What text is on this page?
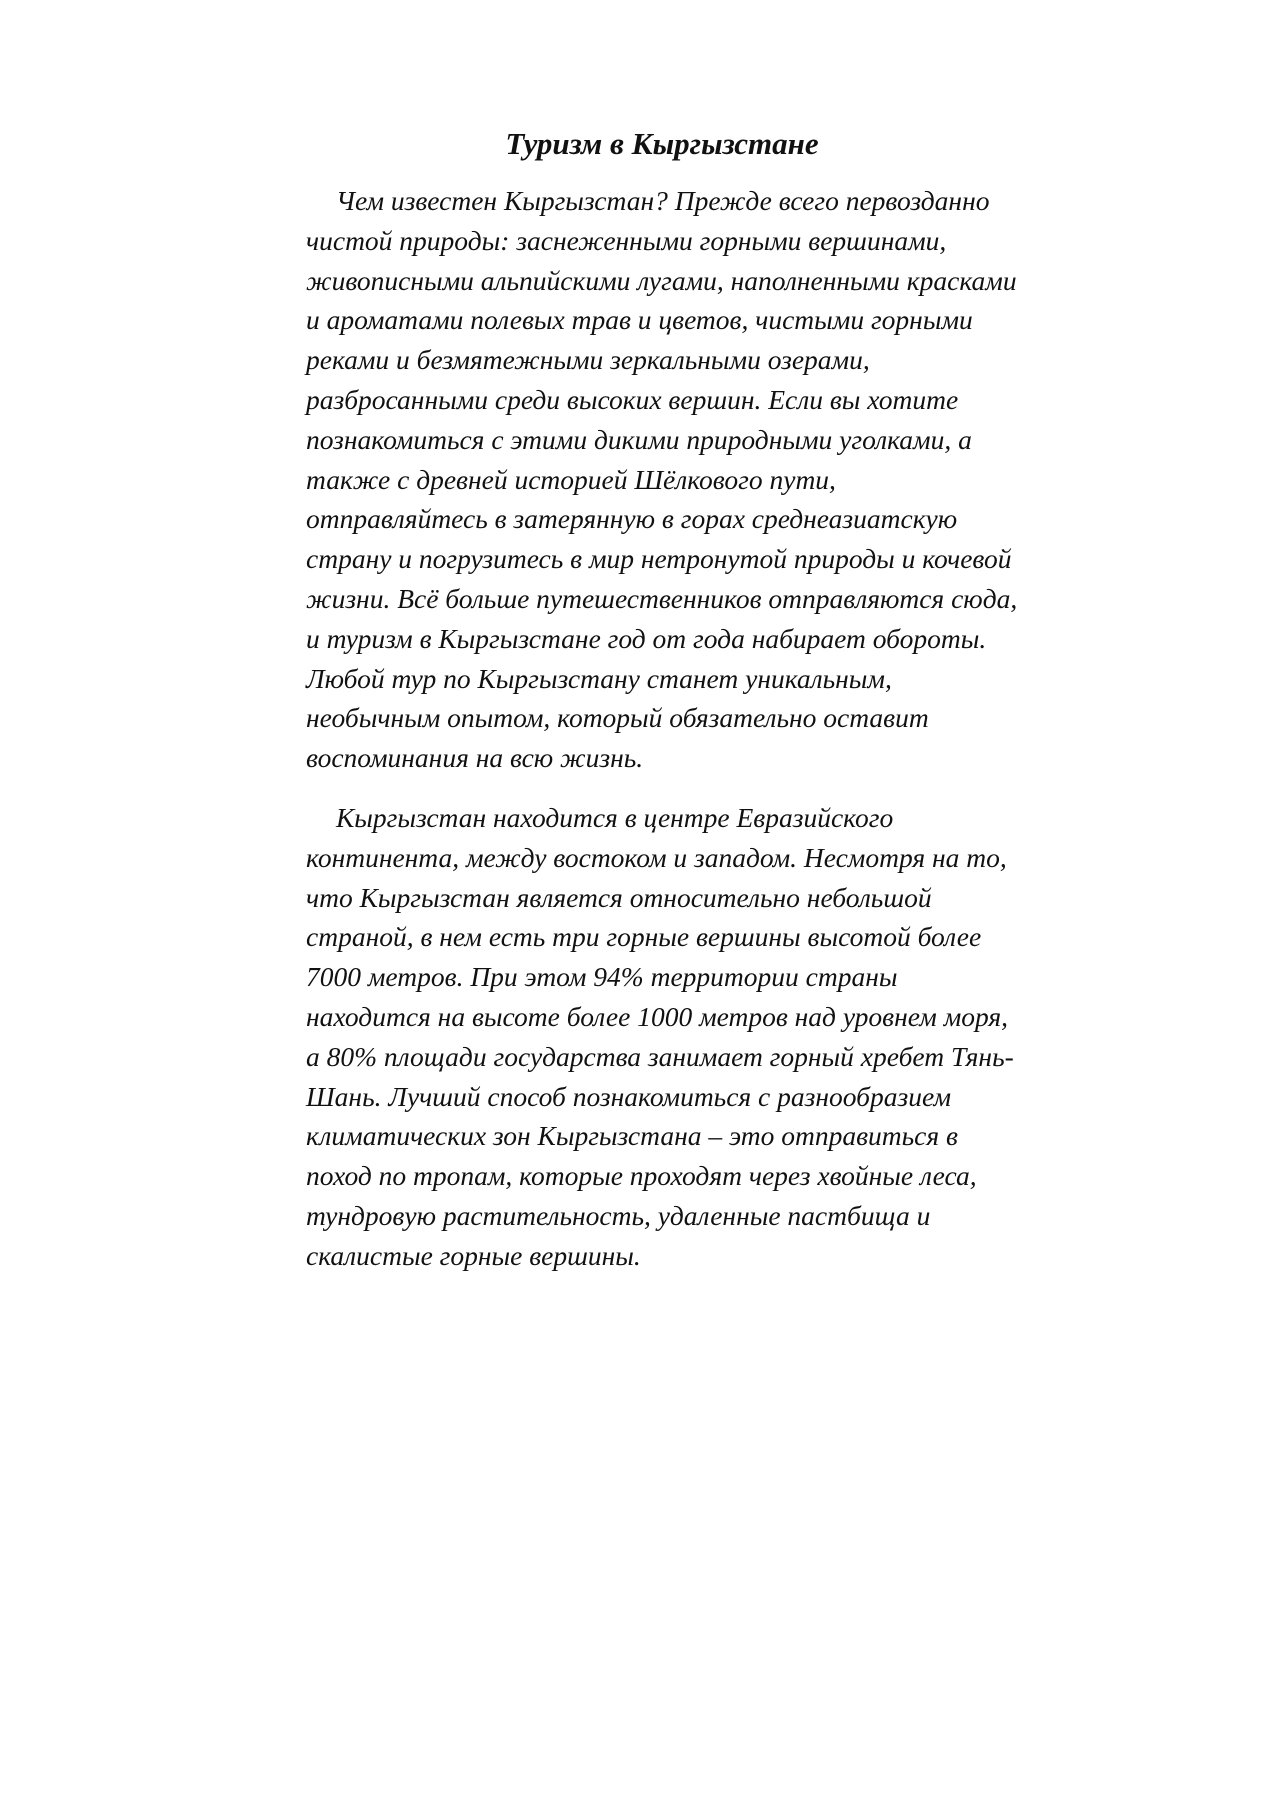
Туризм в Кыргызстане

Чем известен Кыргызстан? Прежде всего первозданно чистой природы: заснеженными горными вершинами, живописными альпийскими лугами, наполненными красками и ароматами полевых трав и цветов, чистыми горными реками и безмятежными зеркальными озерами, разбросанными среди высоких вершин. Если вы хотите познакомиться с этими дикими природными уголками, а также с древней историей Шёлкового пути, отправляйтесь в затерянную в горах среднеазиатскую страну и погрузитесь в мир нетронутой природы и кочевой жизни. Всё больше путешественников отправляются сюда, и туризм в Кыргызстане год от года набирает обороты. Любой тур по Кыргызстану станет уникальным, необычным опытом, который обязательно оставит воспоминания на всю жизнь.

Кыргызстан находится в центре Евразийского континента, между востоком и западом. Несмотря на то, что Кыргызстан является относительно небольшой страной, в нем есть три горные вершины высотой более 7000 метров. При этом 94% территории страны находится на высоте более 1000 метров над уровнем моря, а 80% площади государства занимает горный хребет Тянь-Шань. Лучший способ познакомиться с разнообразием климатических зон Кыргызстана – это отправиться в поход по тропам, которые проходят через хвойные леса, тундровую растительность, удаленные пастбища и скалистые горные вершины.
